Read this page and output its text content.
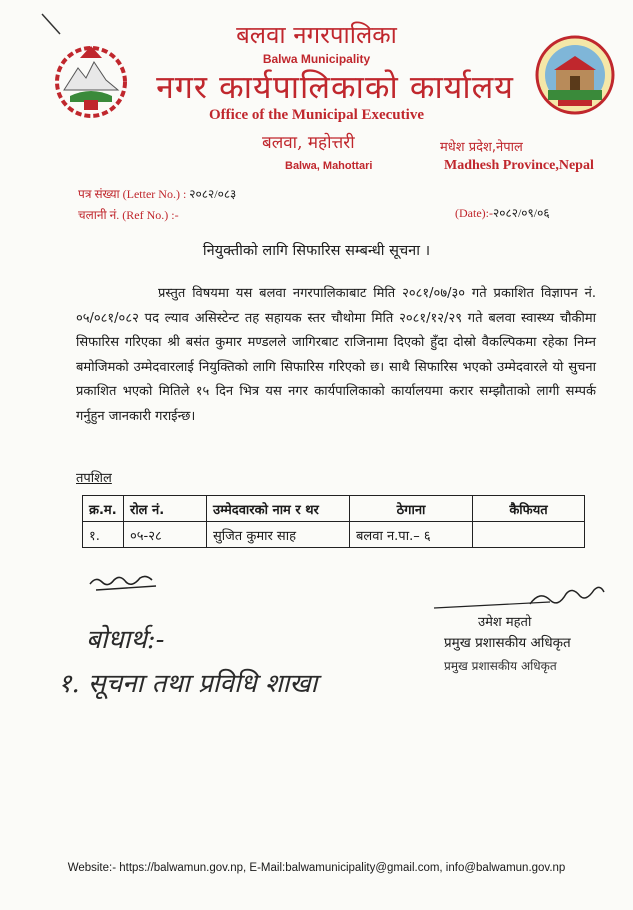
बलवा नगरपालिका
Balwa Municipality
नगर कार्यपालिकाको कार्यालय
Office of the Municipal Executive
बलवा, महोत्तरी
Balwa, Mahottari
मधेश प्रदेश,नेपाल
Madhesh Province,Nepal
पत्र संख्या (Letter No.) : २०८२/०८३
चलानी नं. (Ref No.) :-	(Date):-२०८२/०९/०६
नियुक्तीको लागि सिफारिस सम्बन्धी सूचना ।
प्रस्तुत विषयमा यस बलवा नगरपालिकाबाट मिति २०८१/०७/३० गते प्रकाशित विज्ञापन नं. ०५/०८१/०८२ पद ल्याव असिस्टेन्ट तह सहायक स्तर चौथोमा मिति २०८१/१२/२९ गते बलवा स्वास्थ्य चौकीमा सिफारिस गरिएका श्री बसंत कुमार मण्डलले जागिरबाट राजिनामा दिएको हुँदा दोस्रो वैकल्पिकमा रहेका निम्न बमोजिमको उम्मेदवारलाई नियुक्तिको लागि सिफारिस गरिएको छ। साथै सिफारिस भएको उम्मेदवारले यो सुचना प्रकाशित भएको मितिले १५ दिन भित्र यस नगर कार्यपालिकाको कार्यालयमा करार सम्झौताको लागी सम्पर्क गर्नुहुन जानकारी गराईन्छ।
तपशिल
क्र.म.	रोल नं.	उम्मेदवारको नाम र थर	ठेगाना	कैफियत
१.	०५-२८	सुजित कुमार साह	बलवा न.पा.– ६	
बोधार्थ:-
१. सूचना तथा प्रविधि शाखा
उमेश महतो
प्रमुख प्रशासकीय अधिकृत
प्रमुख प्रशासकीय अधिकृत
Website:- https://balwamun.gov.np, E-Mail:balwamunicipality@gmail.com, info@balwamun.gov.np
